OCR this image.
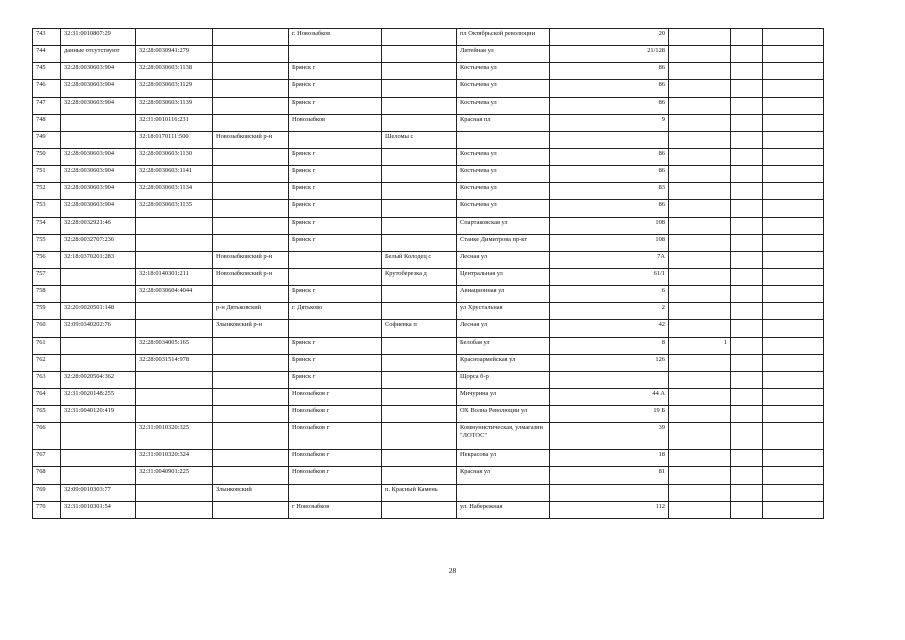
743	32:31:0010807:29			г. Новозыбков		пл Октябрьской революции	20			
744	данные отсутствуют	32:28:0030941:279				Литейная ул	21/128			
745	32:28:0030603:904	32:28:0030603:1138		Брянск г		Костычева ул	86			
746	32:28:0030603:904	32:28:0030603:1129		Брянск г		Костычева ул	86			
747	32:28:0030603:904	32:28:0030603:1139		Брянск г		Костычева ул	86			
748		32:31:0010116:231		Новозыбков		Красная пл	9			
749		32:18:0170111:500	Новозыбковский р-н		Шеломы с					
750	32:28:0030603:904	32:28:0030603:1130		Брянск г		Костычева ул	86			
751	32:28:0030603:904	32:28:0030603:1141		Брянск г		Костычева ул	86			
752	32:28:0030603:904	32:28:0030603:1134		Брянск г		Костычева ул	83			
753	32:28:0030603:904	32:28:0030603:1135		Брянск г		Костычева ул	86			
754	32:28:0032921:46			Брянск г		Спартаковская ул	108			
755	32:28:0032707:236			Брянск г		Станке Димитрова пр-кт	108			
756	32:18:0370201:283		Новозыбковский р-н		Белый Колодец с	Лесная ул	7А			
757		32:18:0140301:211	Новозыбковский р-н		Крутоберезка д	Центральная ул	61/1			
758		32:28:0030604:4044		Брянск г		Авиационная ул	6			
759	32:20:0020501:148		р-н Дятьковский	г. Дятьково		ул Хрустальная	2			
760	32:09:0340202:76		Злынковский р-н		Софиевка п	Лесная ул	42			
761		32:28:0034005:165		Брянск г		Белобая ул	8	1		
762		32:28:0031514:978		Брянск г		Красноармейская ул	126			
763	32:28:0020504:362			Брянск г		Щорса б-р				
764	32:31:0020148:255			Новозыбков г		Мичурина ул	44 А			
765	32:31:0040120:419			Новозыбков г		ОХ Волна Революции ул	19 Б			
766		32:31:0010320:325		Новозыбков г		Коммунистическая, улмагазин "ЛОТОС"	39			
767		32:31:0010320:324		Новозыбков г		Некрасова ул	18			
768		32:31:0040901:225		Новозыбков г		Красная ул	81			
769	32:09:0010303:77		Злынковский		п. Красный Камень					
770	32:31:0010301:54			г Новозыбков		ул. Набережная	112			
28
